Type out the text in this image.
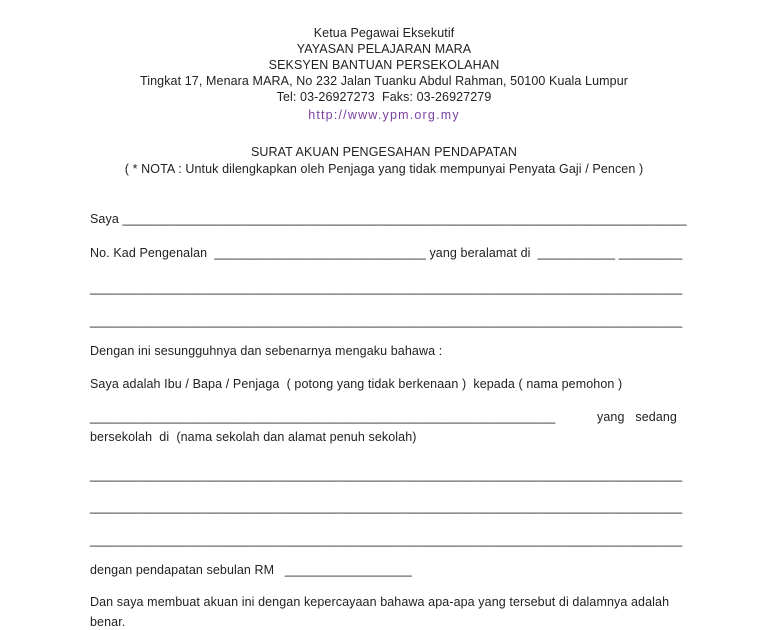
Ketua Pegawai Eksekutif
YAYASAN PELAJARAN MARA
SEKSYEN BANTUAN PERSEKOLAHAN
Tingkat 17, Menara MARA, No 232 Jalan Tuanku Abdul Rahman, 50100 Kuala Lumpur
Tel: 03-26927273  Faks: 03-26927279
http://www.ypm.org.my
SURAT AKUAN PENGESAHAN PENDAPATAN
( * NOTA : Untuk dilengkapkan oleh Penjaga yang tidak mempunyai Penyata Gaji / Pencen )
Saya ________________________________________________________________________________
No. Kad Pengenalan  ______________________________ yang beralamat di  ___________ _________
____________________________________________________________________________________
____________________________________________________________________________________
Dengan ini sesungguhnya dan sebenarnya mengaku bahawa :
Saya adalah Ibu / Bapa / Penjaga  ( potong yang tidak berkenaan )  kepada ( nama pemohon )
__________________________________________________________________	yang sedang
bersekolah  di  (nama sekolah dan alamat penuh sekolah)
____________________________________________________________________________________
____________________________________________________________________________________
____________________________________________________________________________________
dengan pendapatan sebulan RM   __________________
Dan saya membuat akuan ini dengan kepercayaan bahawa apa-apa yang tersebut di dalamnya adalah
benar.
